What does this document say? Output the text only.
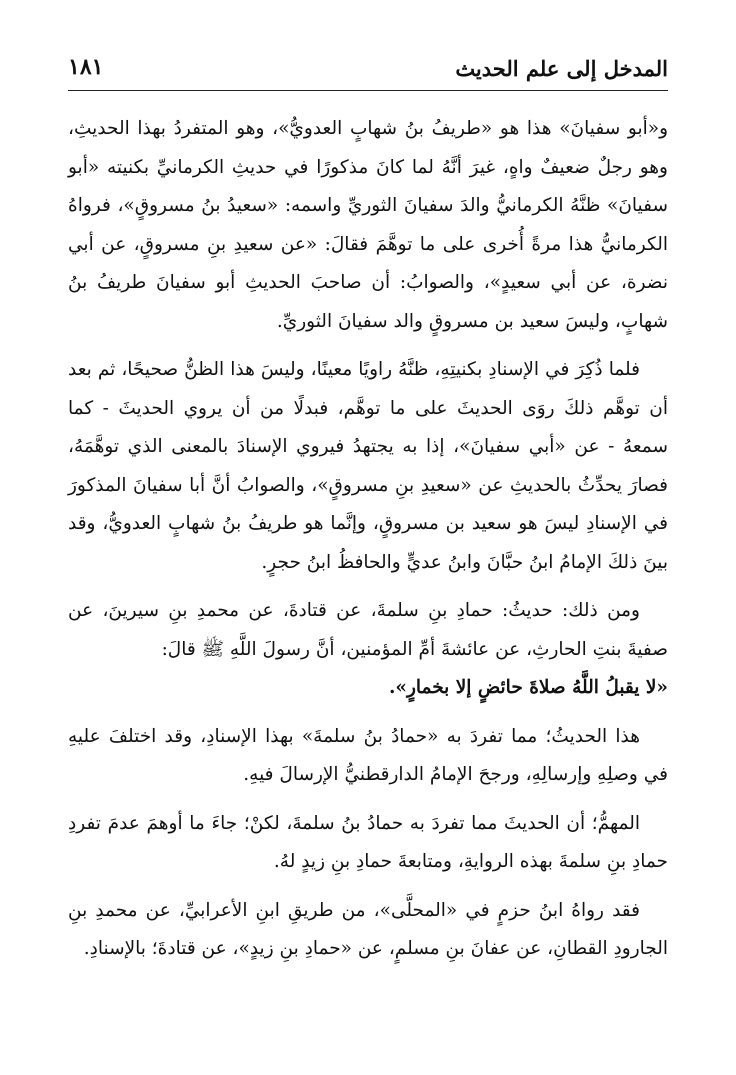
المدخل إلى علم الحديث
١٨١

و«أبو سفيانَ» هذا هو «طريفُ بنُ شهابٍ العدويُّ»، وهو المتفردُ بهذا الحديثِ، وهو رجلٌ ضعيفٌ واهٍ، غيرَ أنَّهُ لما كانَ مذكورًا في حديثِ الكرمانيِّ بكنيته «أبو سفيانَ» ظنَّهُ الكرمانيُّ والدَ سفيانَ الثوريِّ واسمه: «سعيدُ بنُ مسروقٍ»، فرواهُ الكرمانيُّ هذا مرةً أُخرى على ما توهَّمَ فقالَ: «عن سعيدِ بنِ مسروقٍ، عن أبي نضرة، عن أبي سعيدٍ»، والصوابُ: أن صاحبَ الحديثِ أبو سفيانَ طريفُ بنُ شهابٍ، وليسَ سعيد بن مسروقٍ والد سفيانَ الثوريِّ.

فلما ذُكِرَ في الإسنادِ بكنيتِهِ، ظنَّهُ راويًا معينًا، وليسَ هذا الظنُّ صحيحًا، ثم بعد أن توهَّم ذلكَ روَى الحديثَ على ما توهَّم، فبدلًا من أن يروي الحديثَ - كما سمعهُ - عن «أبي سفيانَ»، إذا به يجتهدُ فيروي الإسنادَ بالمعنى الذي توهَّمَهُ، فصارَ يحدِّثُ بالحديثِ عن «سعيدِ بنِ مسروقٍ»، والصوابُ أنَّ أبا سفيانَ المذكورَ في الإسنادِ ليسَ هو سعيد بن مسروقٍ، وإنَّما هو طريفُ بنُ شهابٍ العدويُّ، وقد بينَ ذلكَ الإمامُ ابنُ حبَّانَ وابنُ عديٍّ والحافظُ ابنُ حجرٍ.

ومن ذلك: حديثُ: حمادِ بنِ سلمةَ، عن قتادةَ، عن محمدِ بنِ سيرينَ، عن صفيةَ بنتِ الحارثِ، عن عائشةَ أمِّ المؤمنين، أنَّ رسولَ اللَّهِ ﷺ قالَ:
«لا يقبلُ اللَّهُ صلاةَ حائضٍ إلا بخمارٍ».

هذا الحديثُ؛ مما تفردَ به «حمادُ بنُ سلمةَ» بهذا الإسنادِ، وقد اختلفَ عليهِ في وصلِهِ وإرسالِهِ، ورجحَ الإمامُ الدارقطنيُّ الإرسالَ فيهِ.

المهمُّ؛ أن الحديثَ مما تفردَ به حمادُ بنُ سلمةَ، لكنْ؛ جاءَ ما أوهمَ عدمَ تفردِ حمادِ بنِ سلمةَ بهذه الروايةِ، ومتابعةَ حمادِ بنِ زيدٍ لهُ.

فقد رواهُ ابنُ حزمٍ في «المحلَّى»، من طريقِ ابنِ الأعرابيِّ، عن محمدِ بنِ الجارودِ القطانِ، عن عفانَ بنِ مسلمٍ، عن «حمادِ بنِ زيدٍ»، عن قتادةَ؛ بالإسنادِ.
